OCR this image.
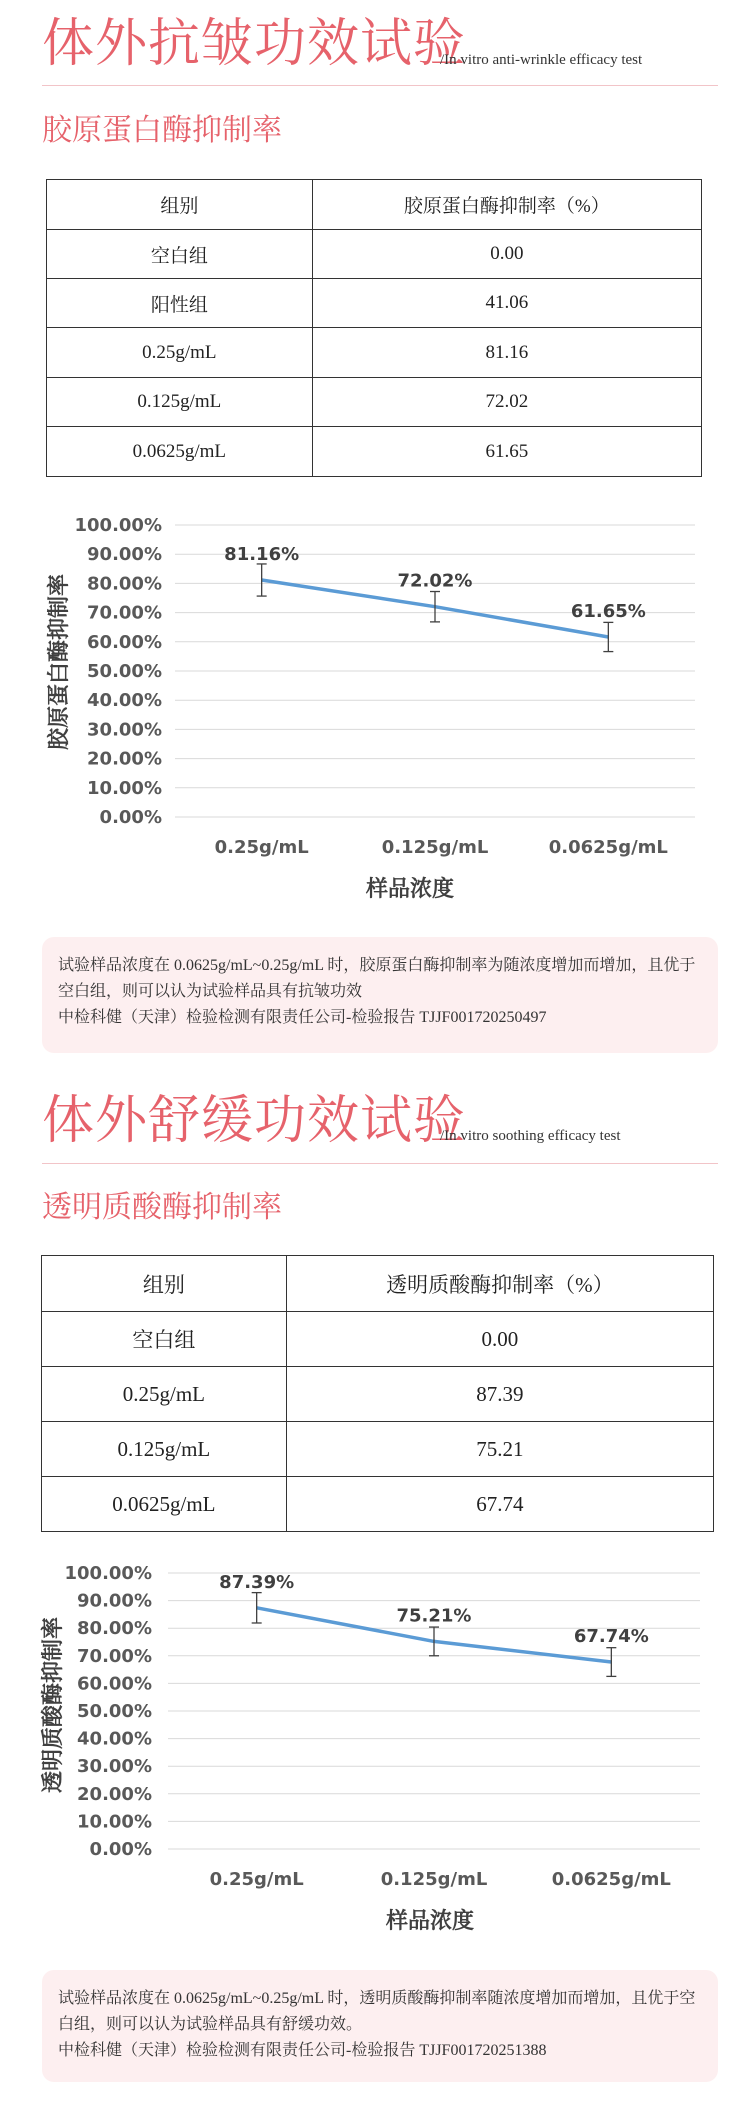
体外抗皱功效试验
/In vitro anti-wrinkle efficacy test
胶原蛋白酶抑制率
组别	胶原蛋白酶抑制率（%）
空白组	0.00
阳性组	41.06
0.25g/mL	81.16
0.125g/mL	72.02
0.0625g/mL	61.65
0.00%
10.00%
20.00%
30.00%
40.00%
50.00%
60.00%
70.00%
80.00%
90.00%
100.00%
0.25g/mL	0.125g/mL	0.0625g/mL
81.16%
72.02%
61.65%
样品浓度
胶原蛋白酶抑制率

试验样品浓度在 0.0625g/mL~0.25g/mL 时，胶原蛋白酶抑制率为随浓度增加而增加，且优于空白组，则可以认为试验样品具有抗皱功效

中检科健（天津）检验检测有限责任公司-检验报告 TJJF001720250497

体外舒缓功效试验
/In vitro soothing efficacy test
透明质酸酶抑制率
组别	透明质酸酶抑制率（%）
空白组	0.00
0.25g/mL	87.39
0.125g/mL	75.21
0.0625g/mL	67.74
0.00%
10.00%
20.00%
30.00%
40.00%
50.00%
60.00%
70.00%
80.00%
90.00%
100.00%
0.25g/mL	0.125g/mL	0.0625g/mL
87.39%
75.21%
67.74%
样品浓度
透明质酸酶抑制率

试验样品浓度在 0.0625g/mL~0.25g/mL 时，透明质酸酶抑制率随浓度增加而增加，且优于空白组，则可以认为试验样品具有舒缓功效。

中检科健（天津）检验检测有限责任公司-检验报告 TJJF001720251388
